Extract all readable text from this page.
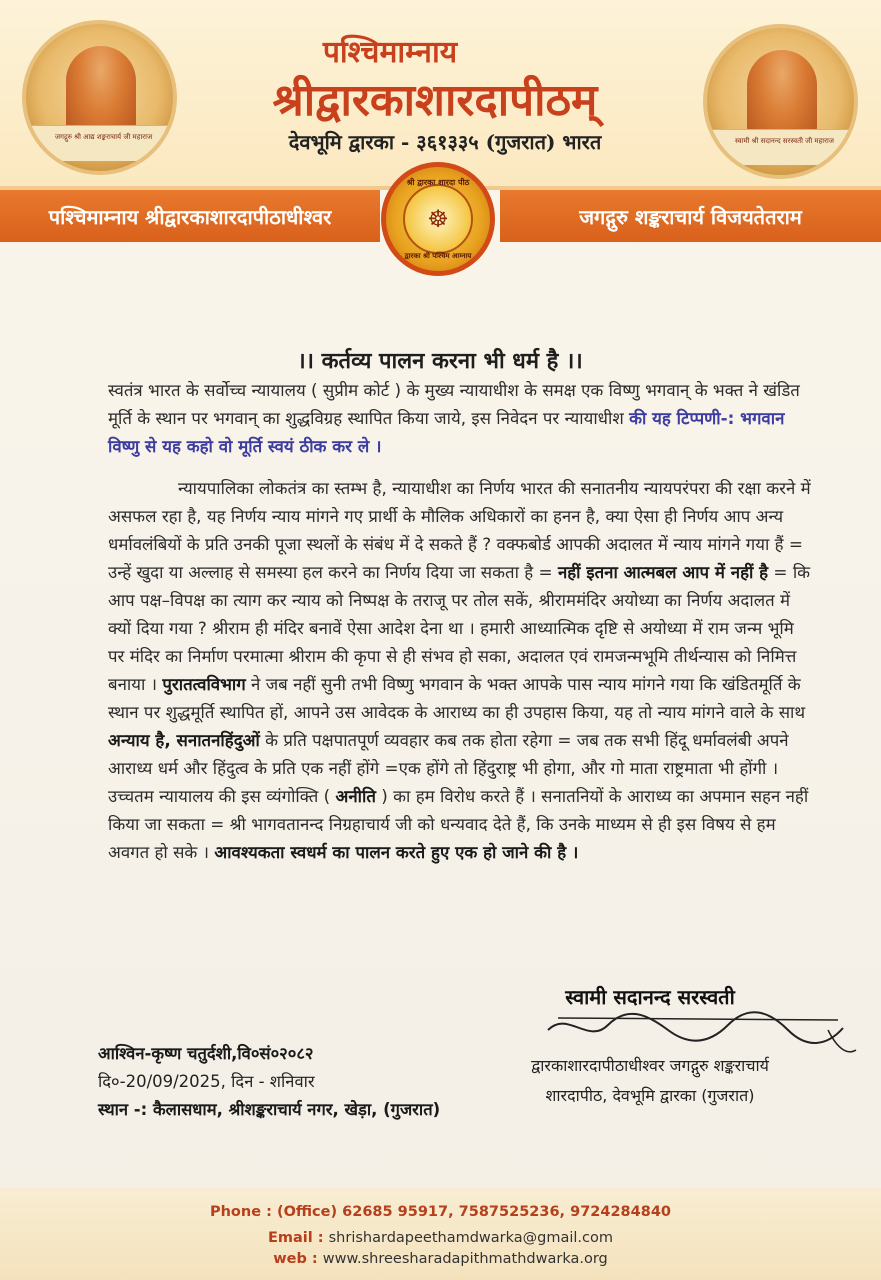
जगद्गुरु श्री आद्य शङ्कराचार्य जी महाराज
पश्चिमाम्नाय
श्रीद्वारकाशारदापीठम्
देवभूमि द्वारका - ३६१३३५ (गुजरात) भारत	स्वामी श्री सदानन्द सरस्वती जी महाराज
पश्चिमाम्नाय श्रीद्वारकाशारदापीठाधीश्वर	जगद्गुरु शङ्कराचार्य विजयतेतराम
श्री द्वारका शारदा पीठ
☸
द्वारका श्री पश्चिम आम्नाय
।। कर्तव्य पालन करना भी धर्म है ।।
स्वतंत्र भारत के सर्वोच्च न्यायालय ( सुप्रीम कोर्ट ) के मुख्य न्यायाधीश के समक्ष एक विष्णु भगवान् के भक्त ने खंडित मूर्ति के स्थान पर भगवान् का शुद्धविग्रह स्थापित किया जाये, इस निवेदन पर न्यायाधीश की यह टिप्पणी-: भगवान विष्णु से यह कहो वो मूर्ति स्वयं ठीक कर ले ।
न्यायपालिका लोकतंत्र का स्तम्भ है, न्यायाधीश का निर्णय भारत की सनातनीय न्यायपरंपरा की रक्षा करने में असफल रहा है, यह निर्णय न्याय मांगने गए प्रार्थी के मौलिक अधिकारों का हनन है, क्या ऐसा ही निर्णय आप अन्य धर्मावलंबियों के प्रति उनकी पूजा स्थलों के संबंध में दे सकते हैं ? वक्फबोर्ड आपकी अदालत में न्याय मांगने गया हैं = उन्हें खुदा या अल्लाह से समस्या हल करने का निर्णय दिया जा सकता है = नहीं इतना आत्मबल आप में नहीं है = कि आप पक्ष–विपक्ष का त्याग कर न्याय को निष्पक्ष के तराजू पर तोल सकें, श्रीराममंदिर अयोध्या का निर्णय अदालत में क्यों दिया गया ? श्रीराम ही मंदिर बनावें ऐसा आदेश देना था । हमारी आध्यात्मिक दृष्टि से अयोध्या में राम जन्म भूमि पर मंदिर का निर्माण परमात्मा श्रीराम की कृपा से ही संभव हो सका, अदालत एवं रामजन्मभूमि तीर्थन्यास को निमित्त बनाया । पुरातत्वविभाग ने जब नहीं सुनी तभी विष्णु भगवान के भक्त आपके पास न्याय मांगने गया कि खंडितमूर्ति के स्थान पर शुद्धमूर्ति स्थापित हों, आपने उस आवेदक के आराध्य का ही उपहास किया, यह तो न्याय मांगने वाले के साथ अन्याय है, सनातनहिंदुओं के प्रति पक्षपातपूर्ण व्यवहार कब तक होता रहेगा = जब तक सभी हिंदू धर्मावलंबी अपने आराध्य धर्म और हिंदुत्व के प्रति एक नहीं होंगे =एक होंगे तो हिंदुराष्ट्र भी होगा, और गो माता राष्ट्रमाता भी होंगी । उच्चतम न्यायालय की इस व्यंगोक्ति ( अनीति ) का हम विरोध करते हैं । सनातनियों के आराध्य का अपमान सहन नहीं किया जा सकता = श्री भागवतानन्द निग्रहाचार्य जी को धन्यवाद देते हैं, कि उनके माध्यम से ही इस विषय से हम अवगत हो सके । आवश्यकता स्वधर्म का पालन करते हुए एक हो जाने की है ।
स्वामी सदानन्द सरस्वती
द्वारकाशारदापीठाधीश्वर जगद्गुरु शङ्कराचार्य
शारदापीठ, देवभूमि द्वारका (गुजरात)
आश्विन-कृष्ण चतुर्दशी,वि०सं०२०८२
दि०-20/09/2025, दिन - शनिवार
स्थान -: कैलासधाम, श्रीशङ्कराचार्य नगर, खेड़ा, (गुजरात)
Phone : (Office) 62685 95917, 7587525236, 9724284840
Email : shrishardapeethamdwarka@gmail.com
web : www.shreesharadapithmathdwarka.org
